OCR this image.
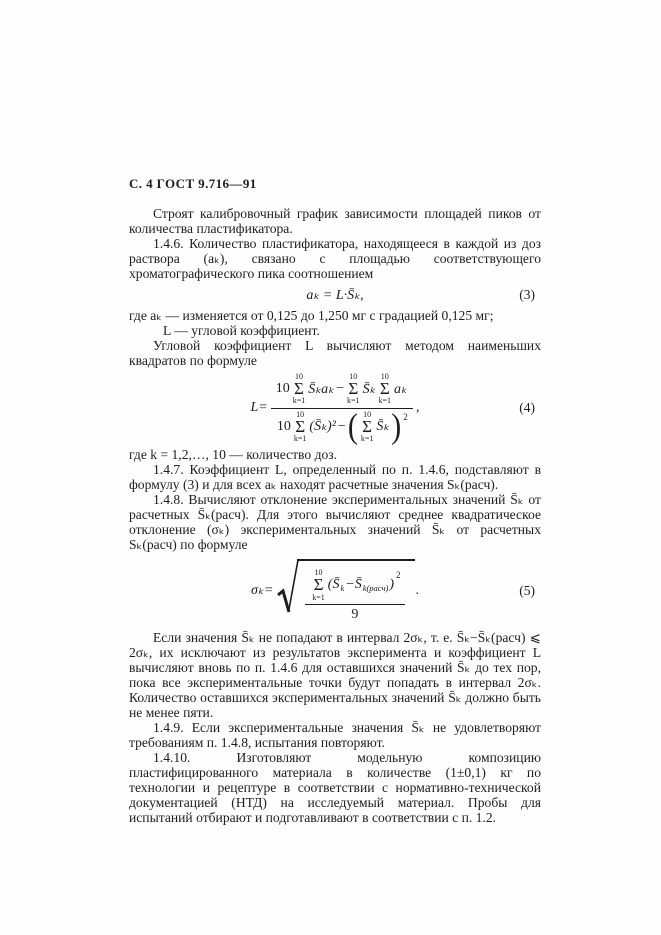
С. 4 ГОСТ 9.716—91

Строят калибровочный график зависимости площадей пиков от количества пластификатора.

1.4.6. Количество пластификатора, находящееся в каждой из доз раствора (aₖ), связано с площадью соответствующего хроматографического пика соотношением

aₖ = L·S̄ₖ,	(3)

где aₖ — изменяется от 0,125 до 1,250 мг с градацией 0,125 мг;

L — угловой коэффициент.

Угловой коэффициент L вычисляют методом наименьших квадратов по формуле

L=
10
10
Σ
k=1
S̄ₖaₖ −
10
Σ
k=1
S̄ₖ
10
Σ
k=1
aₖ
10
10
Σ
k=1
(S̄ₖ)² − ( 10
Σ
k=1
S̄ₖ )$^2$
,	(4)

где k = 1,2,…, 10 — количество доз.

1.4.7. Коэффициент L, определенный по п. 1.4.6, подставляют в формулу (3) и для всех aₖ находят расчетные значения Sₖ(расч).

1.4.8. Вычисляют отклонение экспериментальных значений S̄ₖ от расчетных S̄ₖ(расч). Для этого вычисляют среднее квадратическое отклонение (σₖ) экспериментальных значений S̄ₖ от расчетных Sₖ(расч) по формуле

σₖ=
10
Σ
k=1
($S̄_k$ $-S̄_{k(расч)}$ )
$^2$
9
.	(5)

Если значения S̄ₖ не попадают в интервал 2σₖ, т. е. S̄ₖ−S̄ₖ(расч) ⩽ 2σₖ, их исключают из результатов эксперимента и коэффициент L вычисляют вновь по п. 1.4.6 для оставшихся значений S̄ₖ до тех пор, пока все экспериментальные точки будут попадать в интервал 2σₖ. Количество оставшихся экспериментальных значений S̄ₖ должно быть не менее пяти.

1.4.9. Если экспериментальные значения S̄ₖ не удовлетворяют требованиям п. 1.4.8, испытания повторяют.

1.4.10. Изготовляют модельную композицию пластифицированного материала в количестве (1±0,1) кг по технологии и рецептуре в соответствии с нормативно-технической документацией (НТД) на исследуемый материал. Пробы для испытаний отбирают и подготавливают в соответствии с п. 1.2.
